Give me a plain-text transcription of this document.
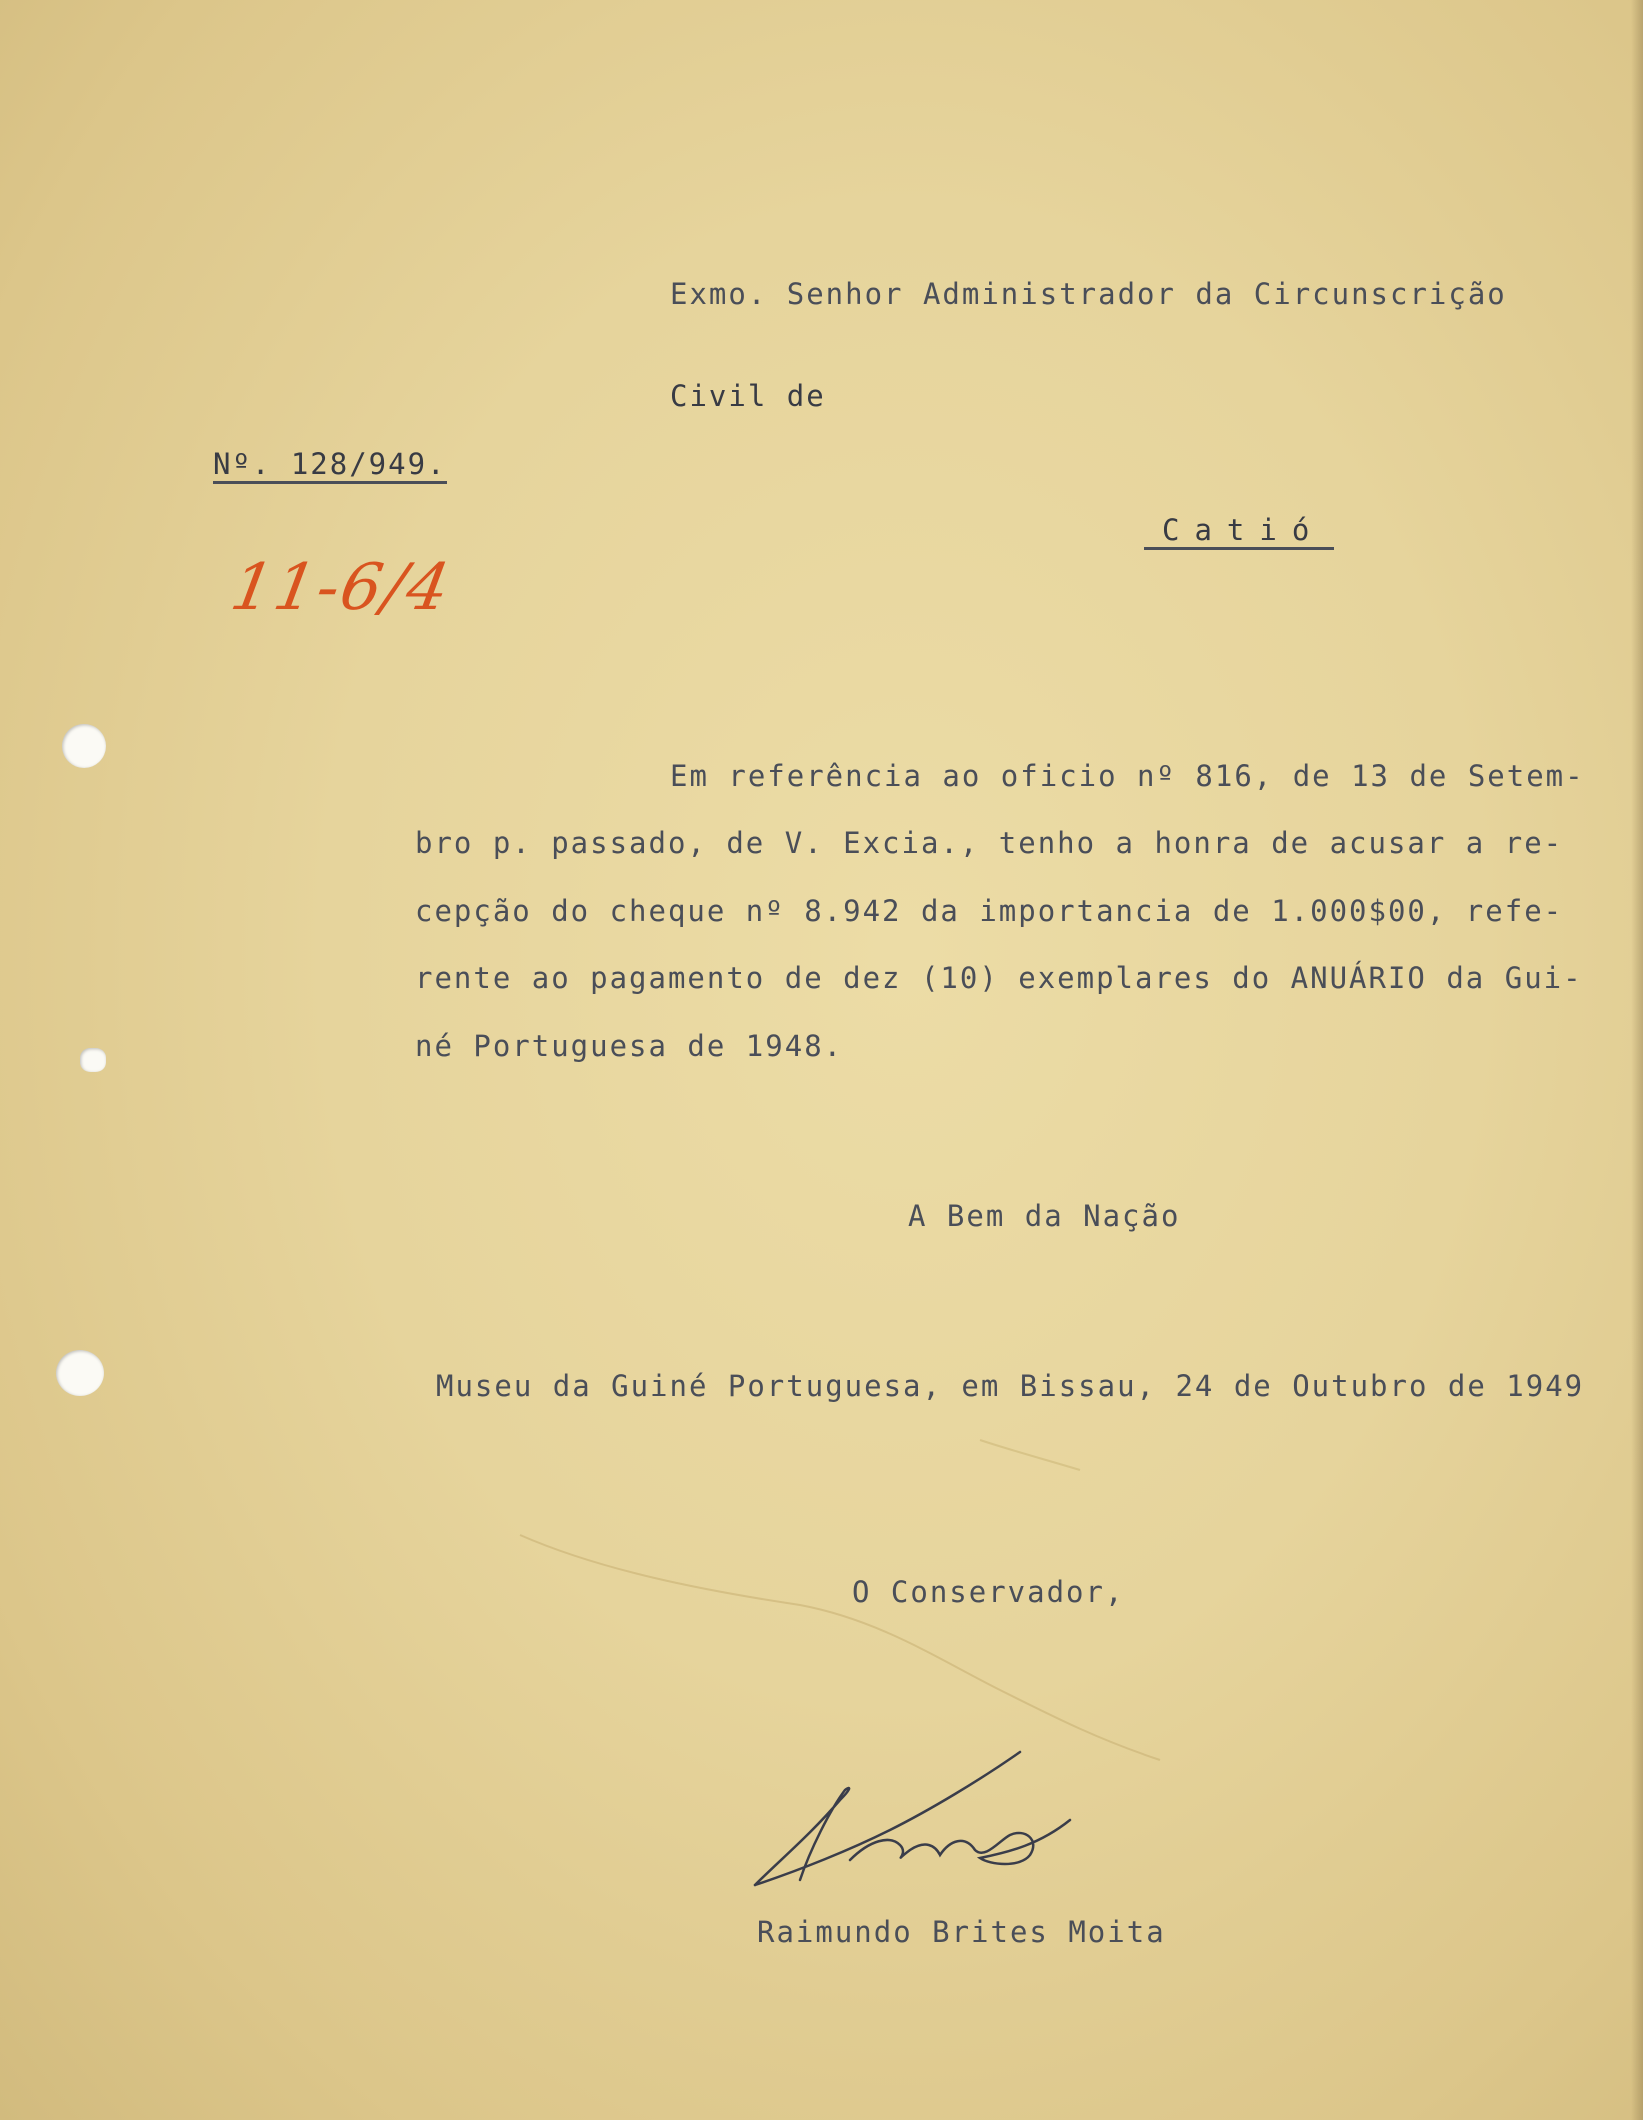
Exmo. Senhor Administrador da Circunscrição
Civil de
Nº. 128/949.
Catió
11-6/4
Em referência ao oficio nº 816, de 13 de Setem-
bro p. passado, de V. Excia., tenho a honra de acusar a re-
cepção do cheque nº 8.942 da importancia de 1.000$00, refe-
rente ao pagamento de dez (10) exemplares do ANUÁRIO da Gui-
né Portuguesa de 1948.
A Bem da Nação
Museu da Guiné Portuguesa, em Bissau, 24 de Outubro de 1949
O Conservador,
Raimundo Brites Moita
